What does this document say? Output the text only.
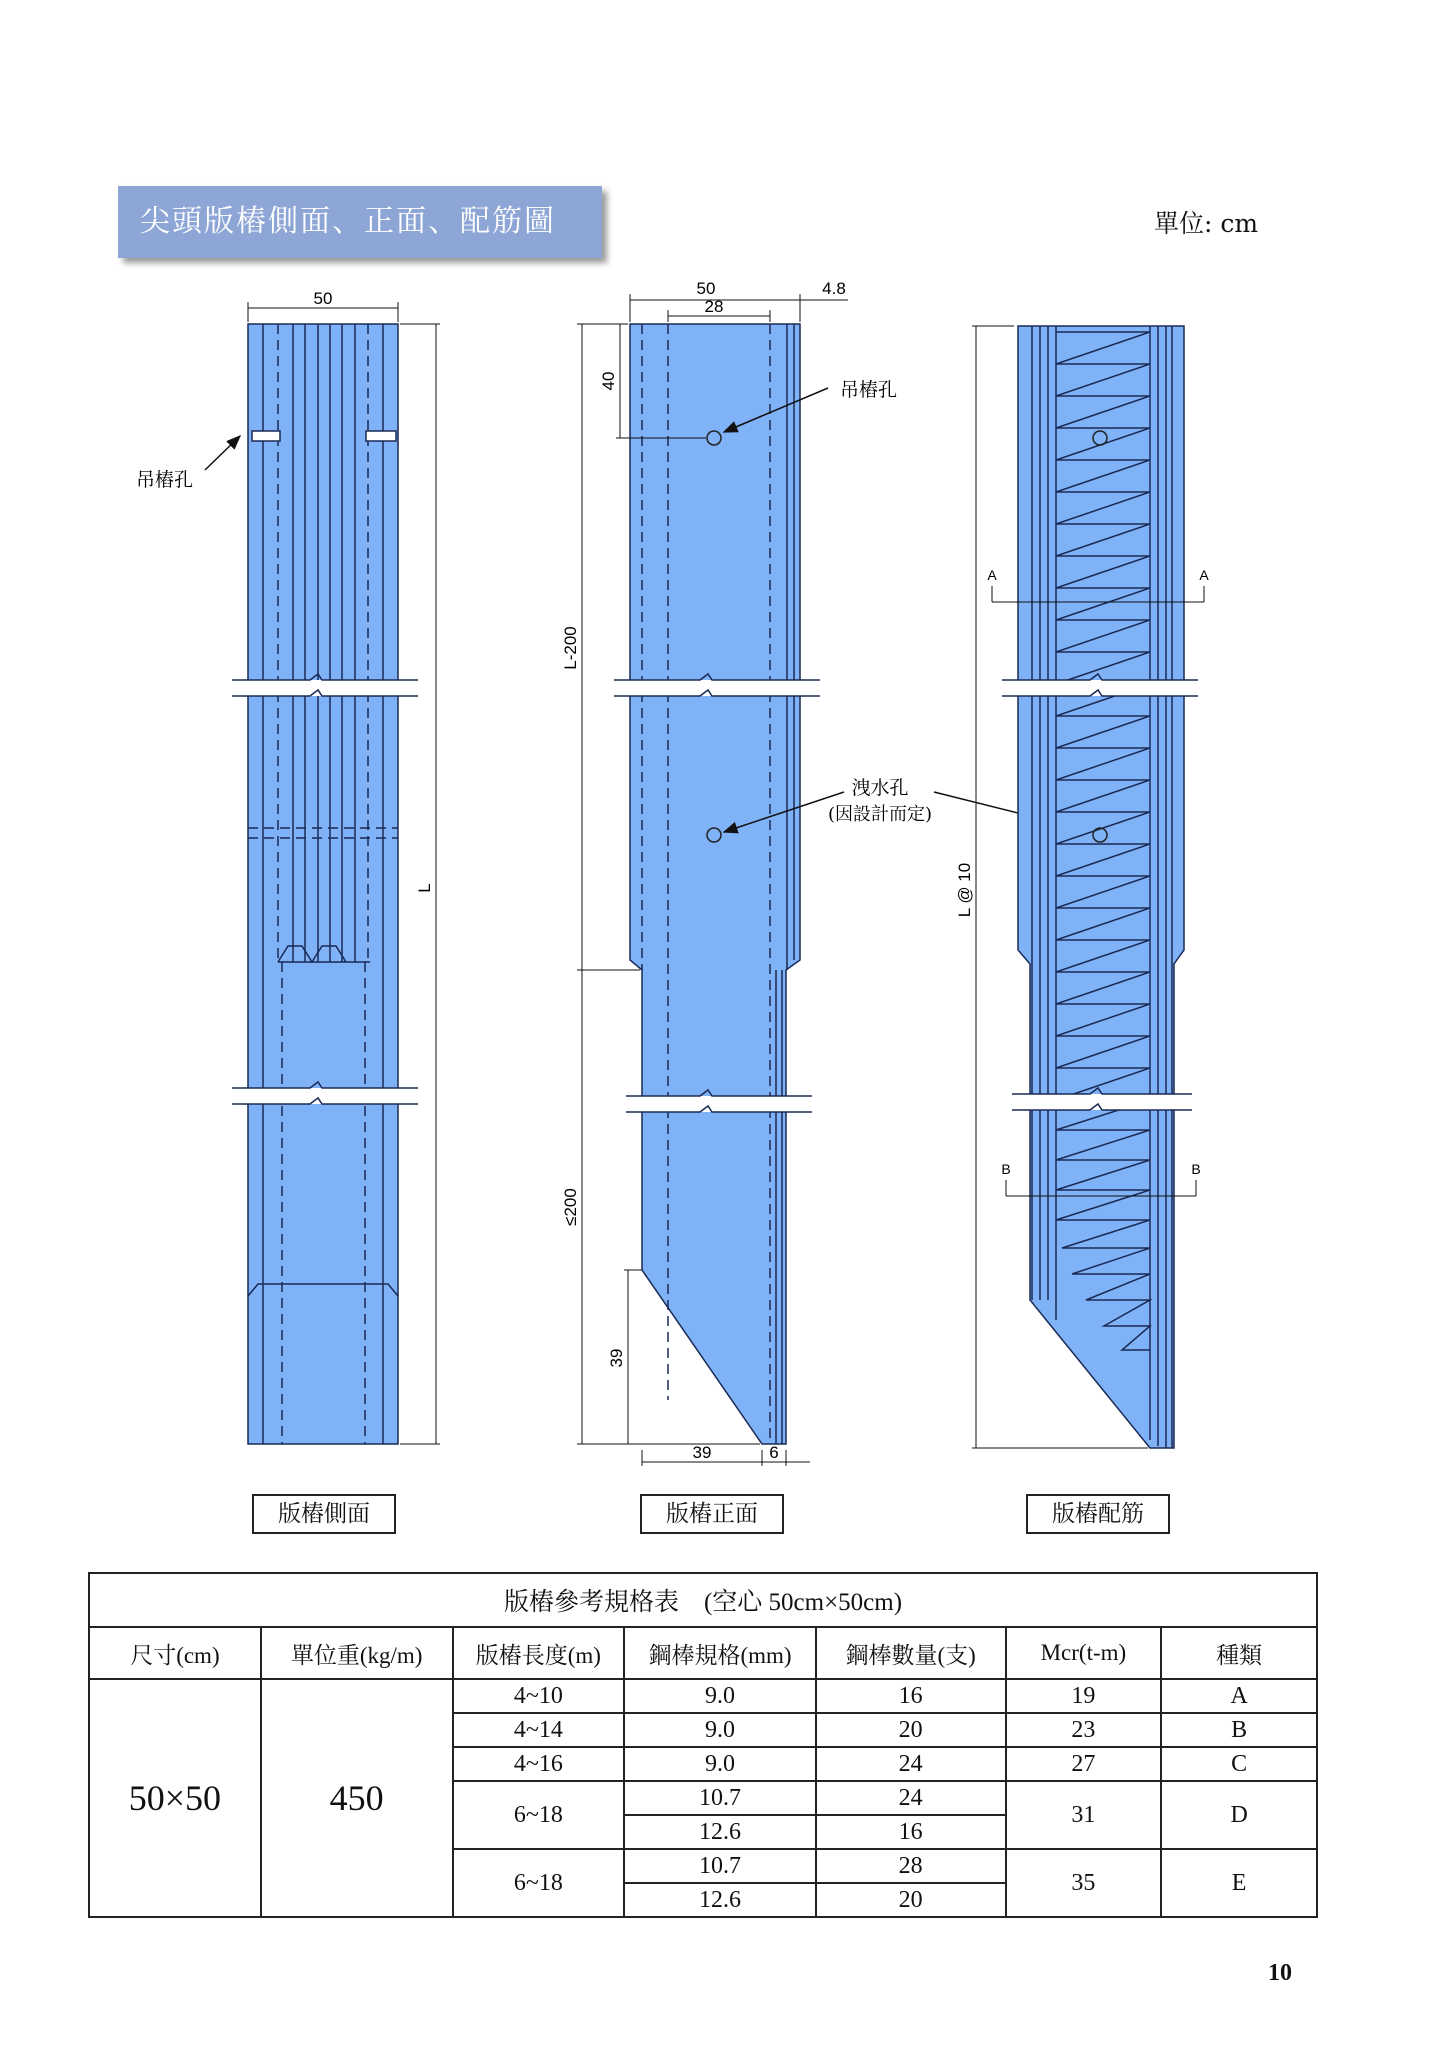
尖頭版樁側面、正面、配筋圖	單位: cm
50
L
吊樁孔
50
28
4.8
40
L-200
≤200
39
39	6
吊樁孔
洩水孔
(因設計而定)
L @ 10
A	A
B	B
版樁側面	版樁正面	版樁配筋
版樁參考規格表　(空心 50cm×50cm)						
尺寸(cm)	單位重(kg/m)	版樁長度(m)	鋼棒規格(mm)	鋼棒數量(支)	Mcr(t-m)	種類
50×50	450	4~10	9.0	16	19	A
		4~14	9.0	20	23	B
		4~16	9.0	24	27	C
		6~18	10.7	24	31	D
			12.6	16		
		6~18	10.7	28	35	E
			12.6	20		
10
